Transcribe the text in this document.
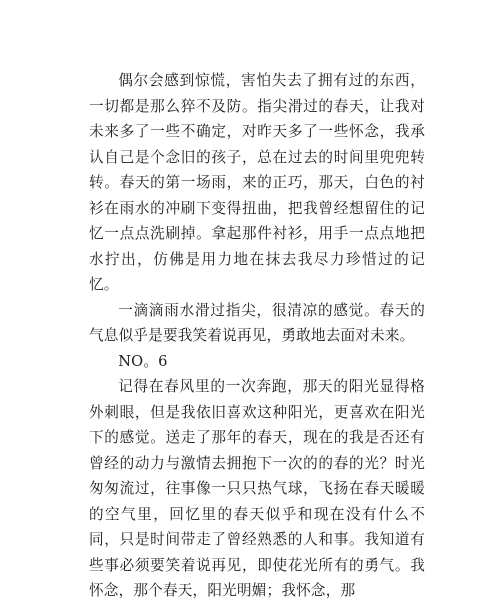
偶尔会感到惊慌，害怕失去了拥有过的东西，一切都是那么猝不及防。指尖滑过的春天，让我对未来多了一些不确定，对昨天多了一些怀念，我承认自己是个念旧的孩子，总在过去的时间里兜兜转转。春天的第一场雨，来的正巧，那天，白色的衬衫在雨水的冲刷下变得扭曲，把我曾经想留住的记忆一点点洗刷掉。拿起那件衬衫，用手一点点地把水拧出，仿佛是用力地在抹去我尽力珍惜过的记忆。

一滴滴雨水滑过指尖，很清凉的感觉。春天的气息似乎是要我笑着说再见，勇敢地去面对未来。

NO。6

记得在春风里的一次奔跑，那天的阳光显得格外刺眼，但是我依旧喜欢这种阳光，更喜欢在阳光下的感觉。送走了那年的春天，现在的我是否还有曾经的动力与激情去拥抱下一次的的春的光？时光匆匆流过，往事像一只只热气球，飞扬在春天暖暖的空气里，回忆里的春天似乎和现在没有什么不同，只是时间带走了曾经熟悉的人和事。我知道有些事必须要笑着说再见，即使花光所有的勇气。我怀念，那个春天，阳光明媚；我怀念，那
